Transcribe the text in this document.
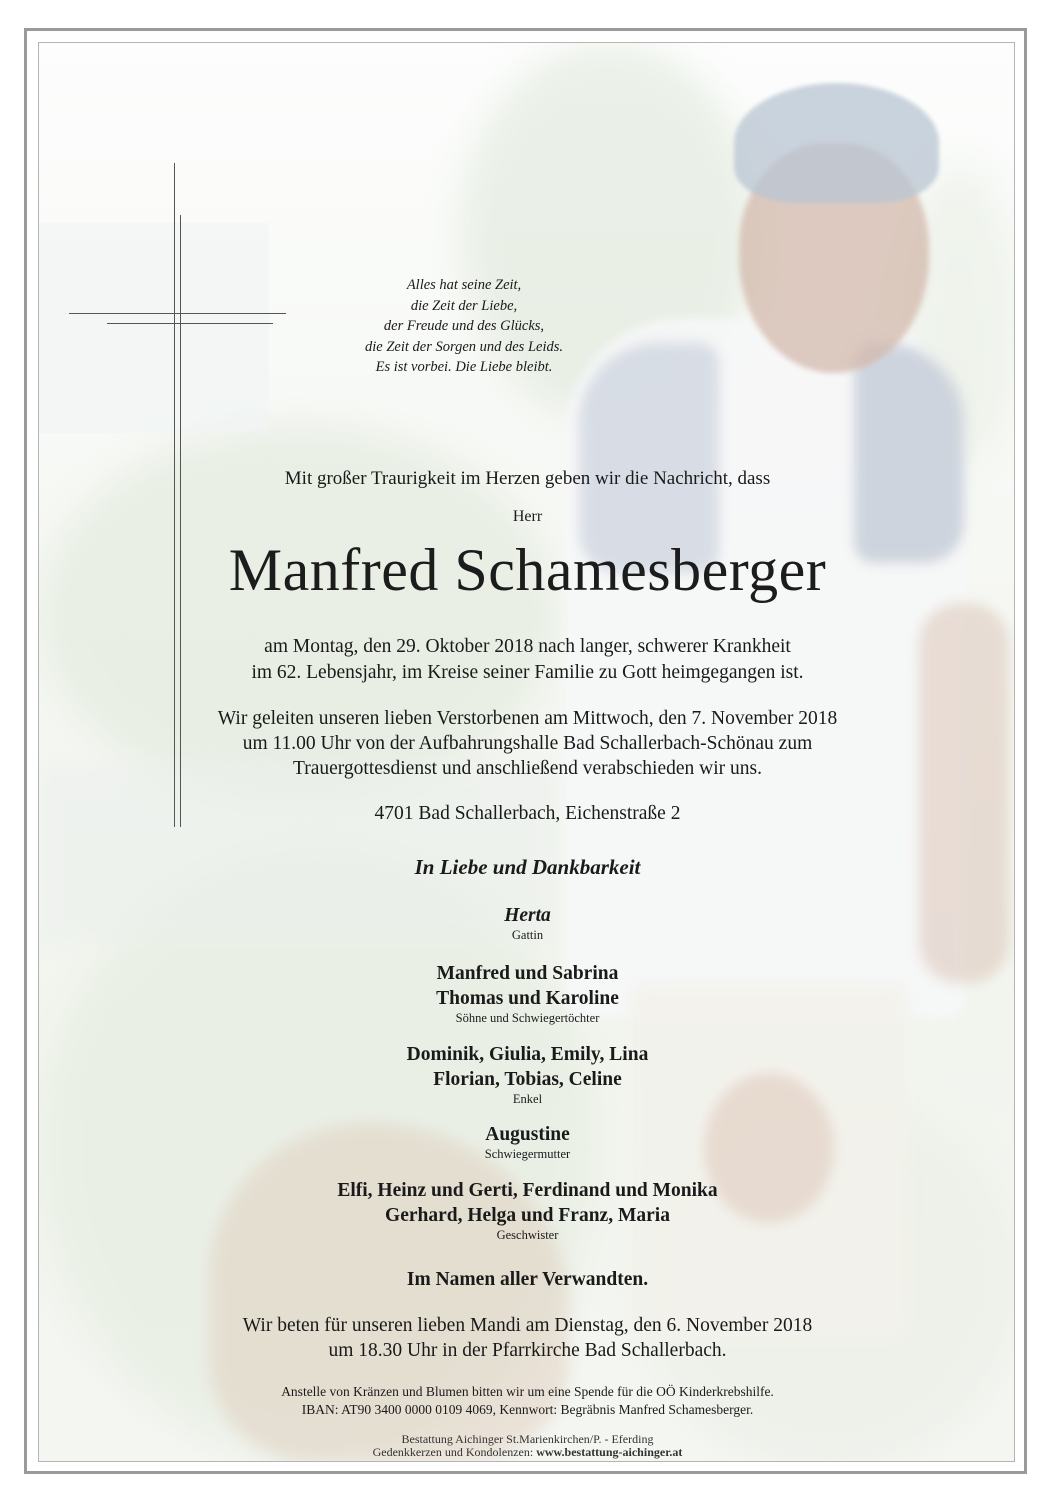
Alles hat seine Zeit,
die Zeit der Liebe,
der Freude und des Glücks,
die Zeit der Sorgen und des Leids.
Es ist vorbei. Die Liebe bleibt.
Mit großer Traurigkeit im Herzen geben wir die Nachricht, dass
Herr
Manfred Schamesberger
am Montag, den 29. Oktober 2018 nach langer, schwerer Krankheit
im 62. Lebensjahr, im Kreise seiner Familie zu Gott heimgegangen ist.
Wir geleiten unseren lieben Verstorbenen am Mittwoch, den 7. November 2018
um 11.00 Uhr von der Aufbahrungshalle Bad Schallerbach-Schönau zum
Trauergottesdienst und anschließend verabschieden wir uns.
4701 Bad Schallerbach, Eichenstraße 2
In Liebe und Dankbarkeit
Herta
Gattin
Manfred und Sabrina
Thomas und Karoline
Söhne und Schwiegertöchter
Dominik, Giulia, Emily, Lina
Florian, Tobias, Celine
Enkel
Augustine
Schwiegermutter
Elfi, Heinz und Gerti, Ferdinand und Monika
Gerhard, Helga und Franz, Maria
Geschwister
Im Namen aller Verwandten.
Wir beten für unseren lieben Mandi am Dienstag, den 6. November 2018
um 18.30 Uhr in der Pfarrkirche Bad Schallerbach.
Anstelle von Kränzen und Blumen bitten wir um eine Spende für die OÖ Kinderkrebshilfe.
IBAN: AT90 3400 0000 0109 4069, Kennwort: Begräbnis Manfred Schamesberger.
Bestattung Aichinger St.Marienkirchen/P. - Eferding
Gedenkkerzen und Kondolenzen: www.bestattung-aichinger.at
